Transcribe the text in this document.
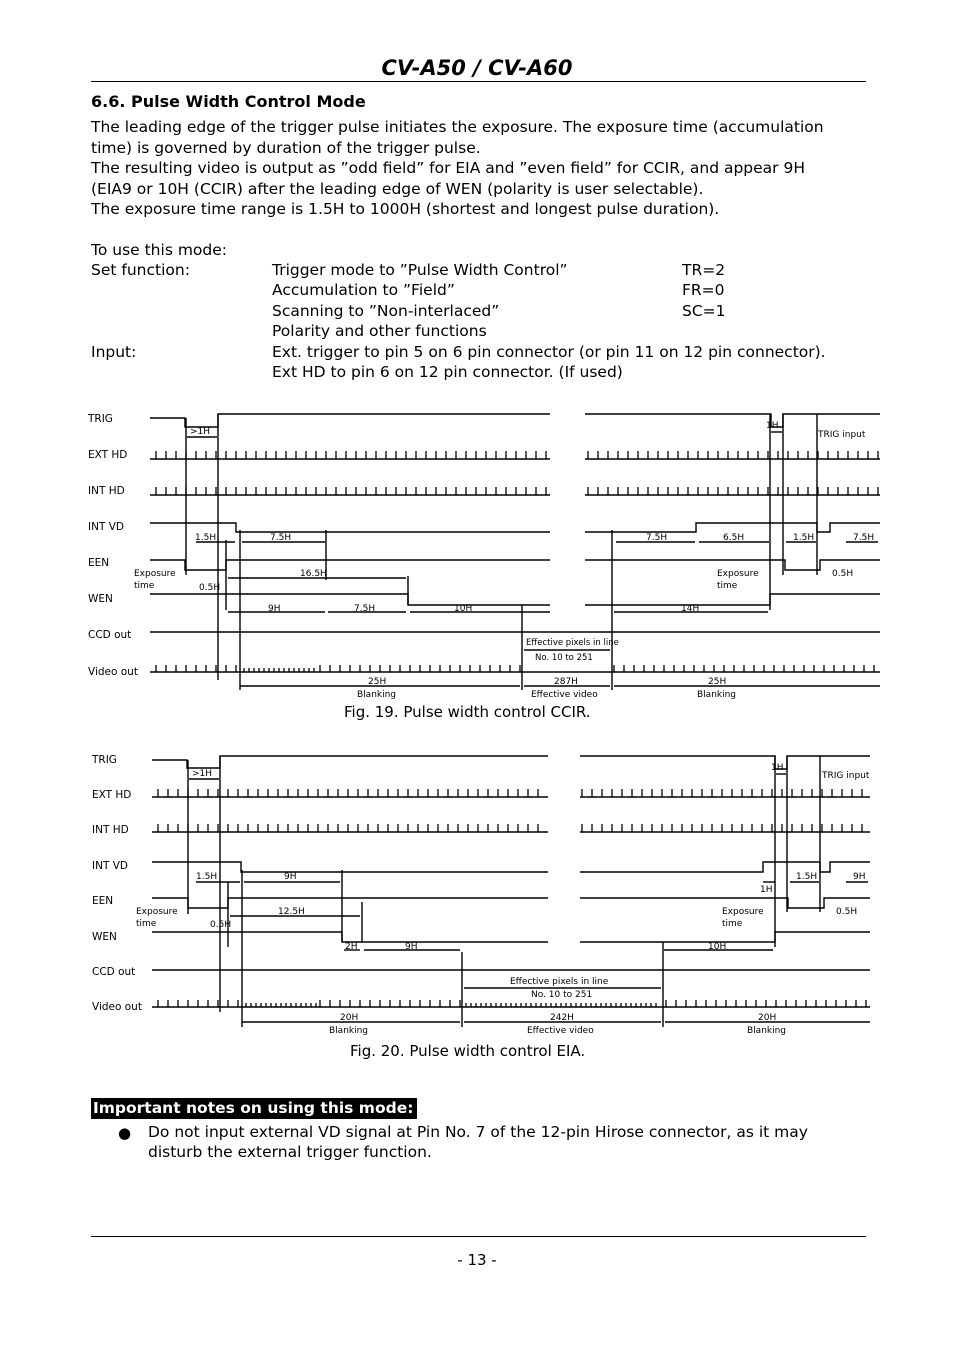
CV-A50 / CV-A60
6.6. Pulse Width Control Mode
The leading edge of the trigger pulse initiates the exposure. The exposure time (accumulation
time) is governed by duration of the trigger pulse.
The resulting video is output as ”odd field” for EIA and ”even field” for CCIR, and appear 9H
(EIA9 or 10H (CCIR) after the leading edge of WEN (polarity is user selectable).
The exposure time range is 1.5H to 1000H (shortest and longest pulse duration).
To use this mode:
Set function:	Trigger mode to ”Pulse Width Control”	TR=2
Accumulation to ”Field”	FR=0
Scanning to ”Non-interlaced”	SC=1
Polarity and other functions
Input:	Ext. trigger to pin 5 on 6 pin connector (or pin 11 on 12 pin connector).
Ext HD to pin 6 on 12 pin connector. (If used)
TRIG
EXT HD
INT HD
INT VD
EEN
WEN
CCD out
Video out
>1H
1H
TRIG input
1.5H	7.5H	7.5H	6.5H	1.5H	7.5H
Exposure
time	0.5H
16.5H	Exposure
time
0.5H
9H	7.5H	10H	14H
Effective pixels in line
No. 10 to 251
25H
Blanking
287H
Effective video
25H
Blanking
Fig. 19. Pulse width control CCIR.
TRIG
EXT HD
INT HD
INT VD
EEN
WEN
CCD out
Video out
>1H
1H
TRIG input
1.5H	9H
1H
1.5H	9H
Exposure
time	0.5H
12.5H	Exposure
time
0.5H
2H	9H	10H
Effective pixels in line
No. 10 to 251
20H
Blanking
242H
Effective video
20H
Blanking
Fig. 20. Pulse width control EIA.
Important notes on using this mode:
● Do not input external VD signal at Pin No. 7 of the 12-pin Hirose connector, as it may
disturb the external trigger function.
- 13 -
